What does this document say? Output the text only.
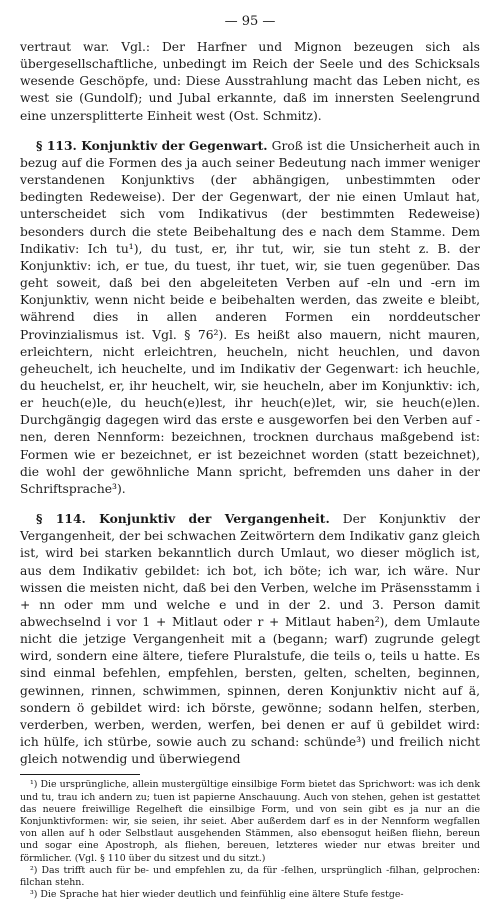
— 95 —

vertraut war. Vgl.: Der Harfner und Mignon bezeugen sich als übergesellschaftliche, unbedingt im Reich der Seele und des Schicksals wesende Geschöpfe, und: Diese Ausstrahlung macht das Leben nicht, es west sie (Gundolf); und Jubal erkannte, daß im innersten Seelengrund eine unzersplitterte Einheit west (Ost. Schmitz).

§ 113. Konjunktiv der Gegenwart. Groß ist die Unsicherheit auch in bezug auf die Formen des ja auch seiner Bedeutung nach immer weniger verstandenen Konjunktivs (der abhängigen, unbestimmten oder bedingten Redeweise). Der der Gegenwart, der nie einen Umlaut hat, unterscheidet sich vom Indikativus (der bestimmten Redeweise) besonders durch die stete Beibehaltung des e nach dem Stamme. Dem Indikativ: Ich tu¹), du tust, er, ihr tut, wir, sie tun steht z. B. der Konjunktiv: ich, er tue, du tuest, ihr tuet, wir, sie tuen gegenüber. Das geht soweit, daß bei den abgeleiteten Verben auf -eln und -ern im Konjunktiv, wenn nicht beide e beibehalten werden, das zweite e bleibt, während dies in allen anderen Formen ein norddeutscher Provinzialismus ist. Vgl. § 76²). Es heißt also mauern, nicht mauren, erleichtern, nicht erleichtren, heucheln, nicht heuchlen, und davon geheuchelt, ich heuchelte, und im Indikativ der Gegenwart: ich heuchle, du heuchelst, er, ihr heuchelt, wir, sie heucheln, aber im Konjunktiv: ich, er heuch(e)le, du heuch(e)lest, ihr heuch(e)let, wir, sie heuch(e)len. Durchgängig dagegen wird das erste e ausgeworfen bei den Verben auf -nen, deren Nennform: bezeichnen, trocknen durchaus maßgebend ist: Formen wie er bezeichnet, er ist bezeichnet worden (statt bezeichnet), die wohl der gewöhnliche Mann spricht, befremden uns daher in der Schriftsprache³).

§ 114. Konjunktiv der Vergangenheit. Der Konjunktiv der Vergangenheit, der bei schwachen Zeitwörtern dem Indikativ ganz gleich ist, wird bei starken bekanntlich durch Umlaut, wo dieser möglich ist, aus dem Indikativ gebildet: ich bot, ich böte; ich war, ich wäre. Nur wissen die meisten nicht, daß bei den Verben, welche im Präsensstamm i + nn oder mm und welche e und in der 2. und 3. Person damit abwechselnd i vor 1 + Mitlaut oder r + Mitlaut haben²), dem Umlaute nicht die jetzige Vergangenheit mit a (begann; warf) zugrunde gelegt wird, sondern eine ältere, tiefere Pluralstufe, die teils o, teils u hatte. Es sind einmal befehlen, empfehlen, bersten, gelten, schelten, beginnen, gewinnen, rinnen, schwimmen, spinnen, deren Konjunktiv nicht auf ä, sondern ö gebildet wird: ich börste, gewönne; sodann helfen, sterben, verderben, werben, werden, werfen, bei denen er auf ü gebildet wird: ich hülfe, ich stürbe, sowie auch zu schand: schünde³) und freilich nicht gleich notwendig und überwiegend

¹) Die ursprüngliche, allein mustergültige einsilbige Form bietet das Sprichwort: was ich denk und tu, trau ich andern zu; tuen ist papierne Anschauung. Auch von stehen, gehen ist gestattet das neuere freiwillige Regelheft die einsilbige Form, und von sein gibt es ja nur an die Konjunktivformen: wir, sie seien, ihr seiet. Aber außerdem darf es in der Nennform wegfallen von allen auf h oder Selbstlaut ausgehenden Stämmen, also ebensogut heißen fliehn, bereun und sogar eine Apostroph, als fliehen, bereuen, letzteres wieder nur etwas breiter und förmlicher. (Vgl. § 110 über du sitzest und du sitzt.)

²) Das trifft auch für be- und empfehlen zu, da für -felhen, ursprünglich -filhan, gelprochen: filchan stehn.

³) Die Sprache hat hier wieder deutlich und feinfühlig eine ältere Stufe festge-
